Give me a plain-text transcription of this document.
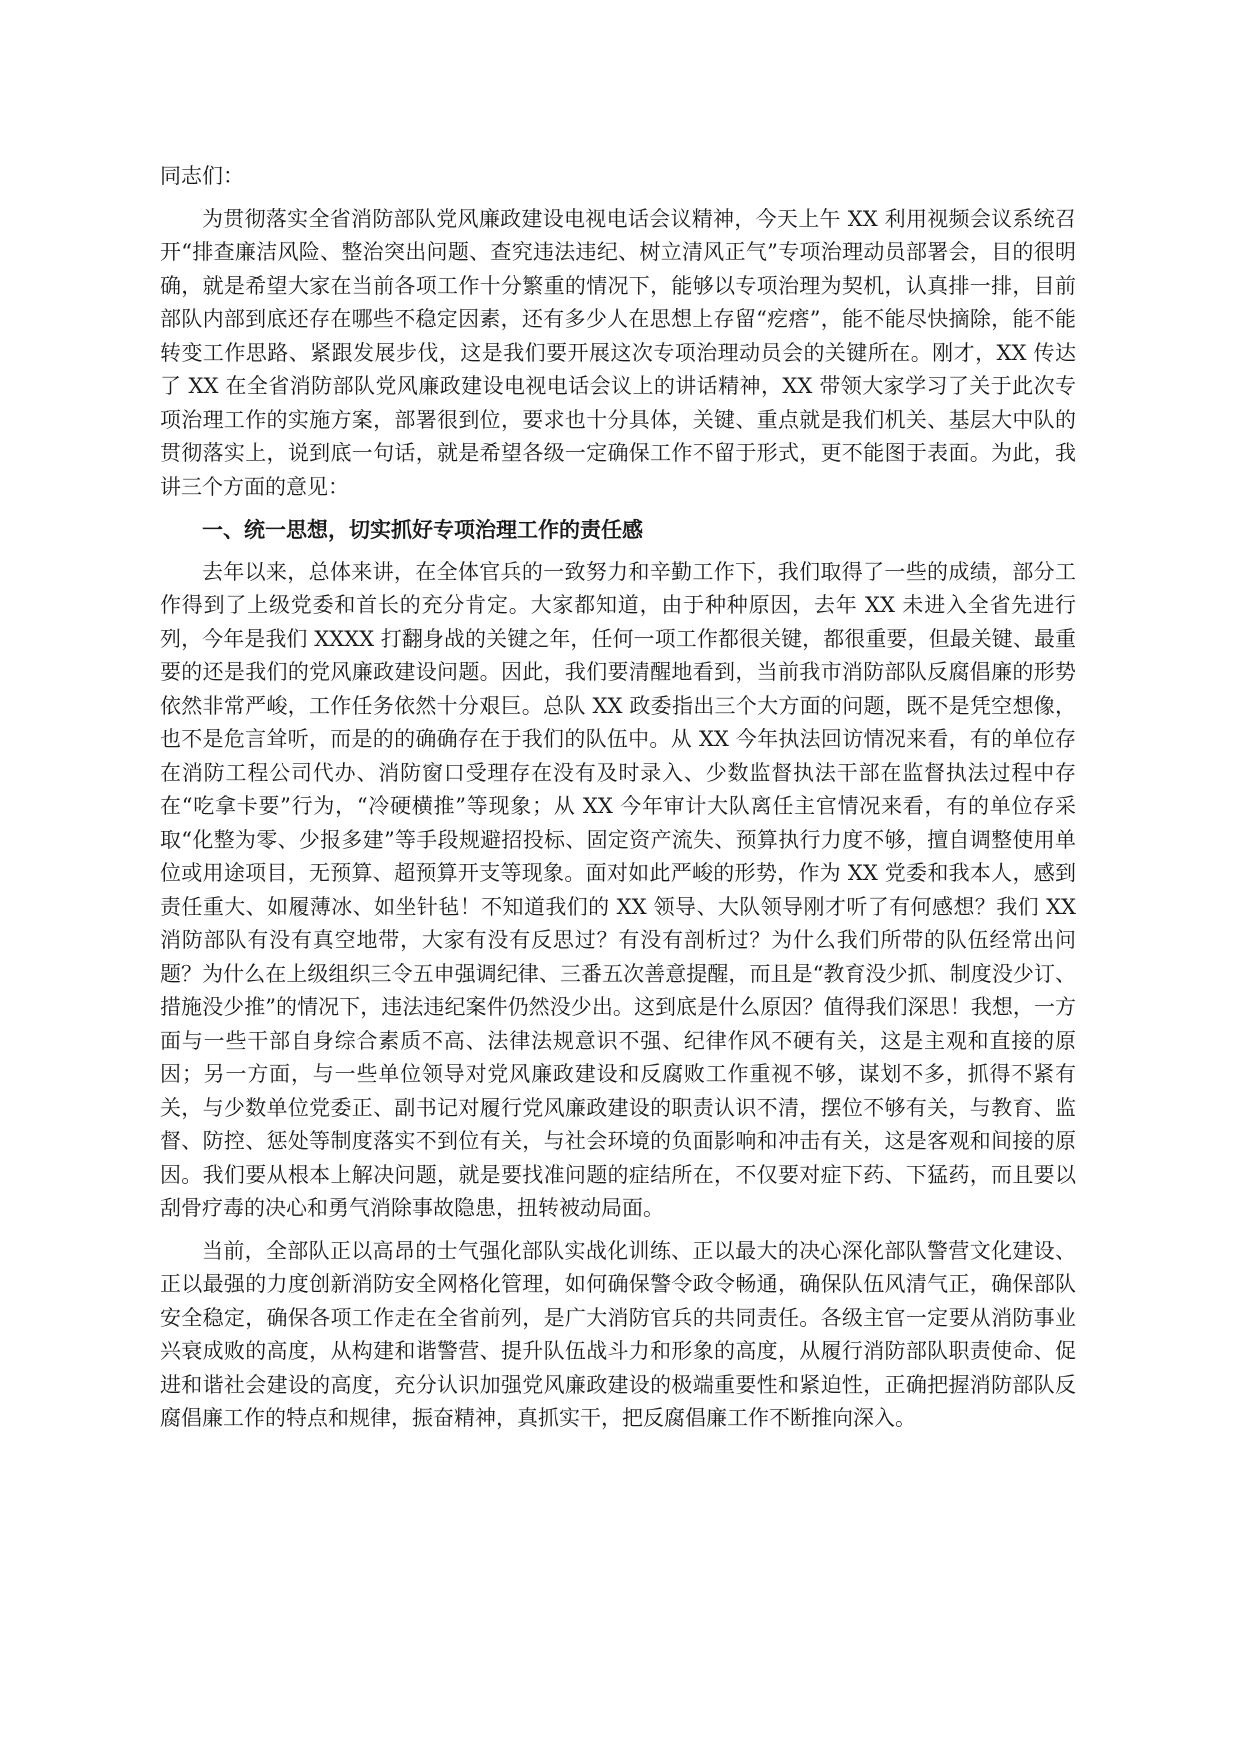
同志们：

为贯彻落实全省消防部队党风廉政建设电视电话会议精神，今天上午 XX 利用视频会议系统召开“排查廉洁风险、整治突出问题、查究违法违纪、树立清风正气”专项治理动员部署会，目的很明确，就是希望大家在当前各项工作十分繁重的情况下，能够以专项治理为契机，认真排一排，目前部队内部到底还存在哪些不稳定因素，还有多少人在思想上存留“疙瘩”，能不能尽快摘除，能不能转变工作思路、紧跟发展步伐，这是我们要开展这次专项治理动员会的关键所在。刚才，XX 传达了 XX 在全省消防部队党风廉政建设电视电话会议上的讲话精神，XX 带领大家学习了关于此次专项治理工作的实施方案，部署很到位，要求也十分具体，关键、重点就是我们机关、基层大中队的贯彻落实上，说到底一句话，就是希望各级一定确保工作不留于形式，更不能图于表面。为此，我讲三个方面的意见：

一、统一思想，切实抓好专项治理工作的责任感

去年以来，总体来讲，在全体官兵的一致努力和辛勤工作下，我们取得了一些的成绩，部分工作得到了上级党委和首长的充分肯定。大家都知道，由于种种原因，去年 XX 未进入全省先进行列，今年是我们 XXXX 打翻身战的关键之年，任何一项工作都很关键，都很重要，但最关键、最重要的还是我们的党风廉政建设问题。因此，我们要清醒地看到，当前我市消防部队反腐倡廉的形势依然非常严峻，工作任务依然十分艰巨。总队 XX 政委指出三个大方面的问题，既不是凭空想像，也不是危言耸听，而是的的确确存在于我们的队伍中。从 XX 今年执法回访情况来看，有的单位存在消防工程公司代办、消防窗口受理存在没有及时录入、少数监督执法干部在监督执法过程中存在“吃拿卡要”行为，“冷硬横推”等现象；从 XX 今年审计大队离任主官情况来看，有的单位存采取“化整为零、少报多建”等手段规避招投标、固定资产流失、预算执行力度不够，擅自调整使用单位或用途项目，无预算、超预算开支等现象。面对如此严峻的形势，作为 XX 党委和我本人，感到责任重大、如履薄冰、如坐针毡！不知道我们的 XX 领导、大队领导刚才听了有何感想？我们 XX 消防部队有没有真空地带，大家有没有反思过？有没有剖析过？为什么我们所带的队伍经常出问题？为什么在上级组织三令五申强调纪律、三番五次善意提醒，而且是“教育没少抓、制度没少订、措施没少推”的情况下，违法违纪案件仍然没少出。这到底是什么原因？值得我们深思！我想，一方面与一些干部自身综合素质不高、法律法规意识不强、纪律作风不硬有关，这是主观和直接的原因；另一方面，与一些单位领导对党风廉政建设和反腐败工作重视不够，谋划不多，抓得不紧有关，与少数单位党委正、副书记对履行党风廉政建设的职责认识不清，摆位不够有关，与教育、监督、防控、惩处等制度落实不到位有关，与社会环境的负面影响和冲击有关，这是客观和间接的原因。我们要从根本上解决问题，就是要找准问题的症结所在，不仅要对症下药、下猛药，而且要以刮骨疗毒的决心和勇气消除事故隐患，扭转被动局面。

当前，全部队正以高昂的士气强化部队实战化训练、正以最大的决心深化部队警营文化建设、正以最强的力度创新消防安全网格化管理，如何确保警令政令畅通，确保队伍风清气正，确保部队安全稳定，确保各项工作走在全省前列，是广大消防官兵的共同责任。各级主官一定要从消防事业兴衰成败的高度，从构建和谐警营、提升队伍战斗力和形象的高度，从履行消防部队职责使命、促进和谐社会建设的高度，充分认识加强党风廉政建设的极端重要性和紧迫性，正确把握消防部队反腐倡廉工作的特点和规律，振奋精神，真抓实干，把反腐倡廉工作不断推向深入。
